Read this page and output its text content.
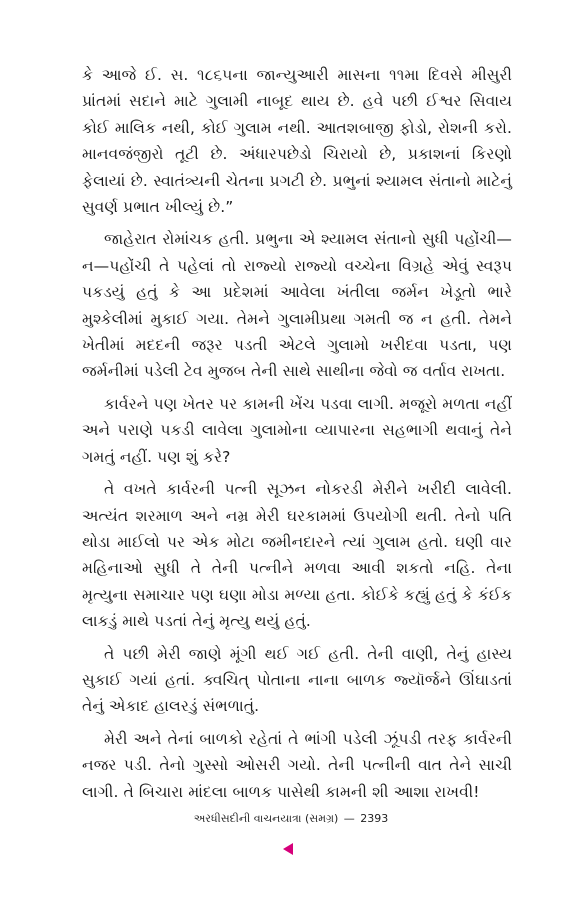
કે આજે ઈ. સ. ૧૮૬૫ના જાન્યુઆરી માસના ૧૧મા દિવસે મીસુરી પ્રાંતમાં સદાને માટે ગુલામી નાબૂદ થાય છે. હવે પછી ઈશ્વર સિવાય કોઈ માલિક નથી, કોઈ ગુલામ નથી. આતશબાજી ફોડો, રોશની કરો. માનવજંજીરો તૂટી છે. અંધારપછેડો ચિરાયો છે, પ્રકાશનાં કિરણો ફેલાયાં છે. સ્વાતંત્ર્યની ચેતના પ્રગટી છે. પ્રભુનાં શ્યામલ સંતાનો માટેનું સુવર્ણ પ્રભાત ખીલ્યું છે.”

જાહેરાત રોમાંચક હતી. પ્રભુના એ શ્યામલ સંતાનો સુધી પહોંચી—ન—પહોંચી તે પહેલાં તો રાજ્યો રાજ્યો વચ્ચેના વિગ્રહે એવું સ્વરૂપ પકડયું હતું કે આ પ્રદેશમાં આવેલા ખંતીલા જર્મન ખેડૂતો ભારે મુશ્કેલીમાં મુકાઈ ગયા. તેમને ગુલામીપ્રથા ગમતી જ ન હતી. તેમને ખેતીમાં મદદની જરૂર પડતી એટલે ગુલામો ખરીદવા પડતા, પણ જર્મનીમાં પડેલી ટેવ મુજબ તેની સાથે સાથીના જેવો જ વર્તાવ રાખતા.

કાર્વરને પણ ખેતર પર કામની ખેંચ પડવા લાગી. મજૂરો મળતા નહીં અને પરાણે પકડી લાવેલા ગુલામોના વ્યાપારના સહભાગી થવાનું તેને ગમતું નહીં. પણ શું કરે?

તે વખતે કાર્વરની પત્ની સૂઝન નોકરડી મેરીને ખરીદી લાવેલી. અત્યંત શરમાળ અને નમ્ર મેરી ઘરકામમાં ઉપયોગી થતી. તેનો પતિ થોડા માઈલો પર એક મોટા જમીનદારને ત્યાં ગુલામ હતો. ઘણી વાર મહિનાઓ સુધી તે તેની પત્નીને મળવા આવી શકતો નહિ. તેના મૃત્યુના સમાચાર પણ ઘણા મોડા મળ્યા હતા. કોઈકે કહ્યું હતું કે કંઈક લાકડું માથે પડતાં તેનું મૃત્યુ થયું હતું.

તે પછી મેરી જાણે મૂંગી થઈ ગઈ હતી. તેની વાણી, તેનું હાસ્ય સુકાઈ ગયાં હતાં. ક્વચિત્‌ પોતાના નાના બાળક જ્યૉર્જને ઊંઘાડતાં તેનું એકાદ હાલરડું સંભળાતું.

મેરી અને તેનાં બાળકો રહેતાં તે ભાંગી પડેલી ઝૂંપડી તરફ કાર્વરની નજર પડી. તેનો ગુસ્સો ઓસરી ગયો. તેની પત્નીની વાત તેને સાચી લાગી. તે બિચારા માંદલા બાળક પાસેથી કામની શી આશા રાખવી!

અરધીસદીની વાચનયાત્રા (સમગ્ર) — 2393
